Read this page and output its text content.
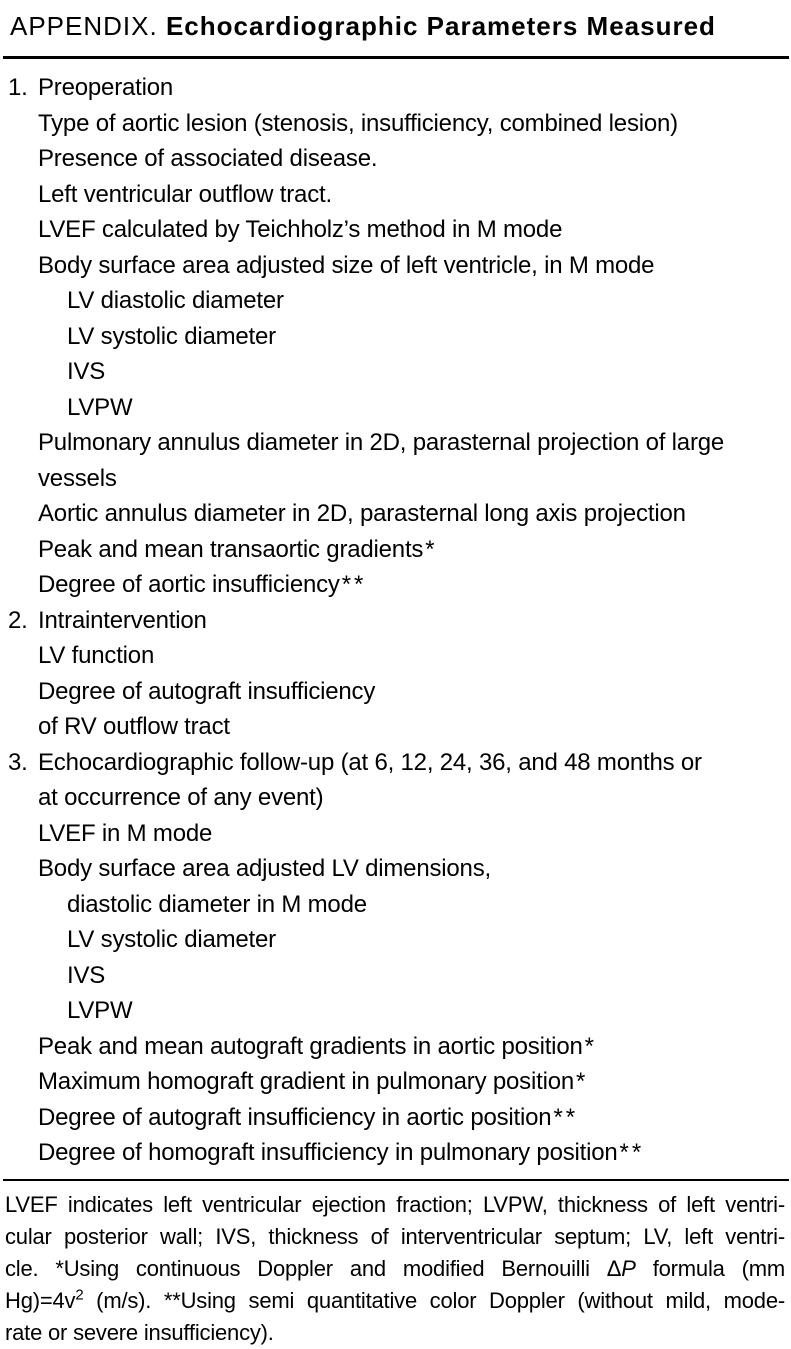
APPENDIX. Echocardiographic Parameters Measured
1. Preoperation
Type of aortic lesion (stenosis, insufficiency, combined lesion)
Presence of associated disease.
Left ventricular outflow tract.
LVEF calculated by Teichholz’s method in M mode
Body surface area adjusted size of left ventricle, in M mode
LV diastolic diameter
LV systolic diameter
IVS
LVPW
Pulmonary annulus diameter in 2D, parasternal projection of large
vessels
Aortic annulus diameter in 2D, parasternal long axis projection
Peak and mean transaortic gradients*
Degree of aortic insufficiency**
2. Intraintervention
LV function
Degree of autograft insufficiency
of RV outflow tract
3. Echocardiographic follow-up (at 6, 12, 24, 36, and 48 months or
at occurrence of any event)
LVEF in M mode
Body surface area adjusted LV dimensions,
diastolic diameter in M mode
LV systolic diameter
IVS
LVPW
Peak and mean autograft gradients in aortic position*
Maximum homograft gradient in pulmonary position*
Degree of autograft insufficiency in aortic position**
Degree of homograft insufficiency in pulmonary position**
LVEF indicates left ventricular ejection fraction; LVPW, thickness of left ventri-
cular posterior wall; IVS, thickness of interventricular septum; LV, left ventri-
cle. *Using continuous Doppler and modified Bernouilli ΔP formula (mm
Hg)=4v$^2$ (m/s). **Using semi quantitative color Doppler (without mild, mode-
rate or severe insufficiency).
